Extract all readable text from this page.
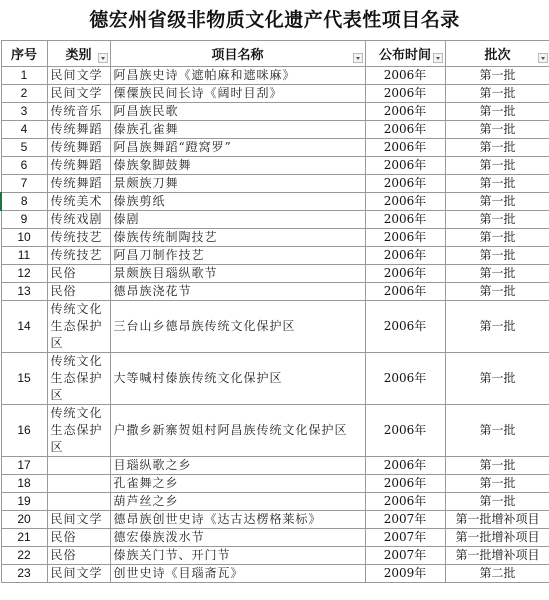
德宏州省级非物质文化遗产代表性项目名录
序号	类别	项目名称	公布时间	批次

1	民间文学	阿昌族史诗《遮帕麻和遮咪麻》	2006年	第一批
2	民间文学	傈僳族民间长诗《阔时目刮》	2006年	第一批
3	传统音乐	阿昌族民歌	2006年	第一批
4	传统舞蹈	傣族孔雀舞	2006年	第一批
5	传统舞蹈	阿昌族舞蹈“蹬窝罗”	2006年	第一批
6	传统舞蹈	傣族象脚鼓舞	2006年	第一批
7	传统舞蹈	景颇族刀舞	2006年	第一批
8	传统美术	傣族剪纸	2006年	第一批
9	传统戏剧	傣剧	2006年	第一批
10	传统技艺	傣族传统制陶技艺	2006年	第一批
11	传统技艺	阿昌刀制作技艺	2006年	第一批
12	民俗	景颇族目瑙纵歌节	2006年	第一批
13	民俗	德昂族浇花节	2006年	第一批
14	传统文化生态保护区	三台山乡德昂族传统文化保护区	2006年	第一批
15	传统文化生态保护区	大等喊村傣族传统文化保护区	2006年	第一批
16	传统文化生态保护区	户撒乡新寨贺姐村阿昌族传统文化保护区	2006年	第一批
17		目瑙纵歌之乡	2006年	第一批
18		孔雀舞之乡	2006年	第一批
19		葫芦丝之乡	2006年	第一批
20	民间文学	德昂族创世史诗《达古达楞格莱标》	2007年	第一批增补项目
21	民俗	德宏傣族泼水节	2007年	第一批增补项目
22	民俗	傣族关门节、开门节	2007年	第一批增补项目
23	民间文学	创世史诗《目瑙斋瓦》	2009年	第二批
